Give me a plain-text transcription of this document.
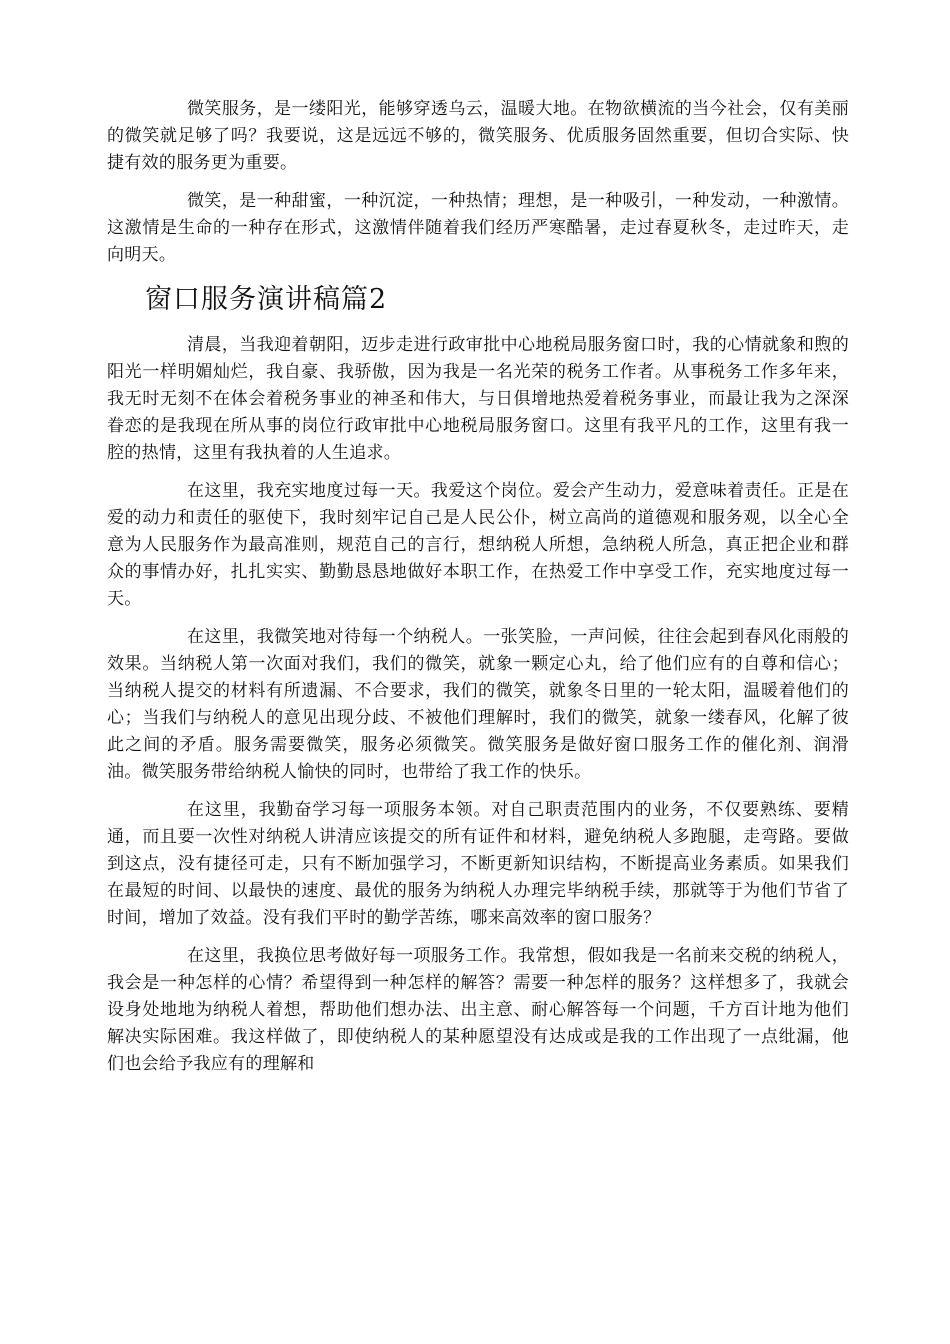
微笑服务，是一缕阳光，能够穿透乌云，温暖大地。在物欲横流的当今社会，仅有美丽的微笑就足够了吗？我要说，这是远远不够的，微笑服务、优质服务固然重要，但切合实际、快捷有效的服务更为重要。

微笑，是一种甜蜜，一种沉淀，一种热情；理想，是一种吸引，一种发动，一种激情。这激情是生命的一种存在形式，这激情伴随着我们经历严寒酷暑，走过春夏秋冬，走过昨天，走向明天。

窗口服务演讲稿篇2

清晨，当我迎着朝阳，迈步走进行政审批中心地税局服务窗口时，我的心情就象和煦的阳光一样明媚灿烂，我自豪、我骄傲，因为我是一名光荣的税务工作者。从事税务工作多年来，我无时无刻不在体会着税务事业的神圣和伟大，与日俱增地热爱着税务事业，而最让我为之深深眷恋的是我现在所从事的岗位行政审批中心地税局服务窗口。这里有我平凡的工作，这里有我一腔的热情，这里有我执着的人生追求。

在这里，我充实地度过每一天。我爱这个岗位。爱会产生动力，爱意味着责任。正是在爱的动力和责任的驱使下，我时刻牢记自己是人民公仆，树立高尚的道德观和服务观，以全心全意为人民服务作为最高准则，规范自己的言行，想纳税人所想，急纳税人所急，真正把企业和群众的事情办好，扎扎实实、勤勤恳恳地做好本职工作，在热爱工作中享受工作，充实地度过每一天。

在这里，我微笑地对待每一个纳税人。一张笑脸，一声问候，往往会起到春风化雨般的效果。当纳税人第一次面对我们，我们的微笑，就象一颗定心丸，给了他们应有的自尊和信心；当纳税人提交的材料有所遗漏、不合要求，我们的微笑，就象冬日里的一轮太阳，温暖着他们的心；当我们与纳税人的意见出现分歧、不被他们理解时，我们的微笑，就象一缕春风，化解了彼此之间的矛盾。服务需要微笑，服务必须微笑。微笑服务是做好窗口服务工作的催化剂、润滑油。微笑服务带给纳税人愉快的同时，也带给了我工作的快乐。

在这里，我勤奋学习每一项服务本领。对自己职责范围内的业务，不仅要熟练、要精通，而且要一次性对纳税人讲清应该提交的所有证件和材料，避免纳税人多跑腿，走弯路。要做到这点，没有捷径可走，只有不断加强学习，不断更新知识结构，不断提高业务素质。如果我们在最短的时间、以最快的速度、最优的服务为纳税人办理完毕纳税手续，那就等于为他们节省了时间，增加了效益。没有我们平时的勤学苦练，哪来高效率的窗口服务？

在这里，我换位思考做好每一项服务工作。我常想，假如我是一名前来交税的纳税人，我会是一种怎样的心情？希望得到一种怎样的解答？需要一种怎样的服务？这样想多了，我就会设身处地地为纳税人着想，帮助他们想办法、出主意、耐心解答每一个问题，千方百计地为他们解决实际困难。我这样做了，即使纳税人的某种愿望没有达成或是我的工作出现了一点纰漏，他们也会给予我应有的理解和
